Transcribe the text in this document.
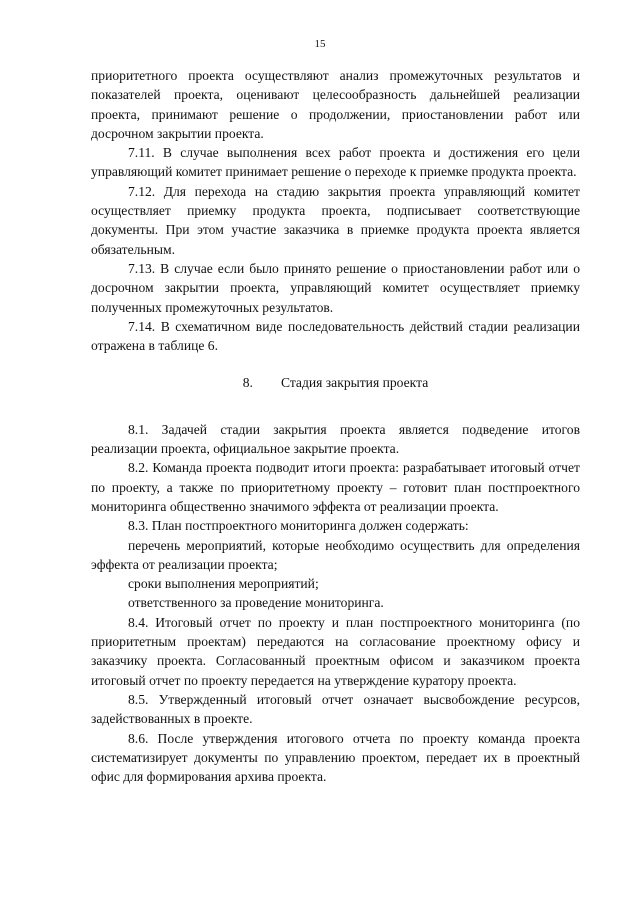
15

приоритетного проекта осуществляют анализ промежуточных результатов и показателей проекта, оценивают целесообразность дальнейшей реализации проекта, принимают решение о продолжении, приостановлении работ или досрочном закрытии проекта.

7.11. В случае выполнения всех работ проекта и достижения его цели управляющий комитет принимает решение о переходе к приемке продукта проекта.

7.12. Для перехода на стадию закрытия проекта управляющий комитет осуществляет приемку продукта проекта, подписывает соответствующие документы. При этом участие заказчика в приемке продукта проекта является обязательным.

7.13. В случае если было принято решение о приостановлении работ или о досрочном закрытии проекта, управляющий комитет осуществляет приемку полученных промежуточных результатов.

7.14. В схематичном виде последовательность действий стадии реализации отражена в таблице 6.

8. Стадия закрытия проекта

8.1. Задачей стадии закрытия проекта является подведение итогов реализации проекта, официальное закрытие проекта.

8.2. Команда проекта подводит итоги проекта: разрабатывает итоговый отчет по проекту, а также по приоритетному проекту – готовит план постпроектного мониторинга общественно значимого эффекта от реализации проекта.

8.3. План постпроектного мониторинга должен содержать:

перечень мероприятий, которые необходимо осуществить для определения эффекта от реализации проекта;

сроки выполнения мероприятий;

ответственного за проведение мониторинга.

8.4. Итоговый отчет по проекту и план постпроектного мониторинга (по приоритетным проектам) передаются на согласование проектному офису и заказчику проекта. Согласованный проектным офисом и заказчиком проекта итоговый отчет по проекту передается на утверждение куратору проекта.

8.5. Утвержденный итоговый отчет означает высвобождение ресурсов, задействованных в проекте.

8.6. После утверждения итогового отчета по проекту команда проекта систематизирует документы по управлению проектом, передает их в проектный офис для формирования архива проекта.
